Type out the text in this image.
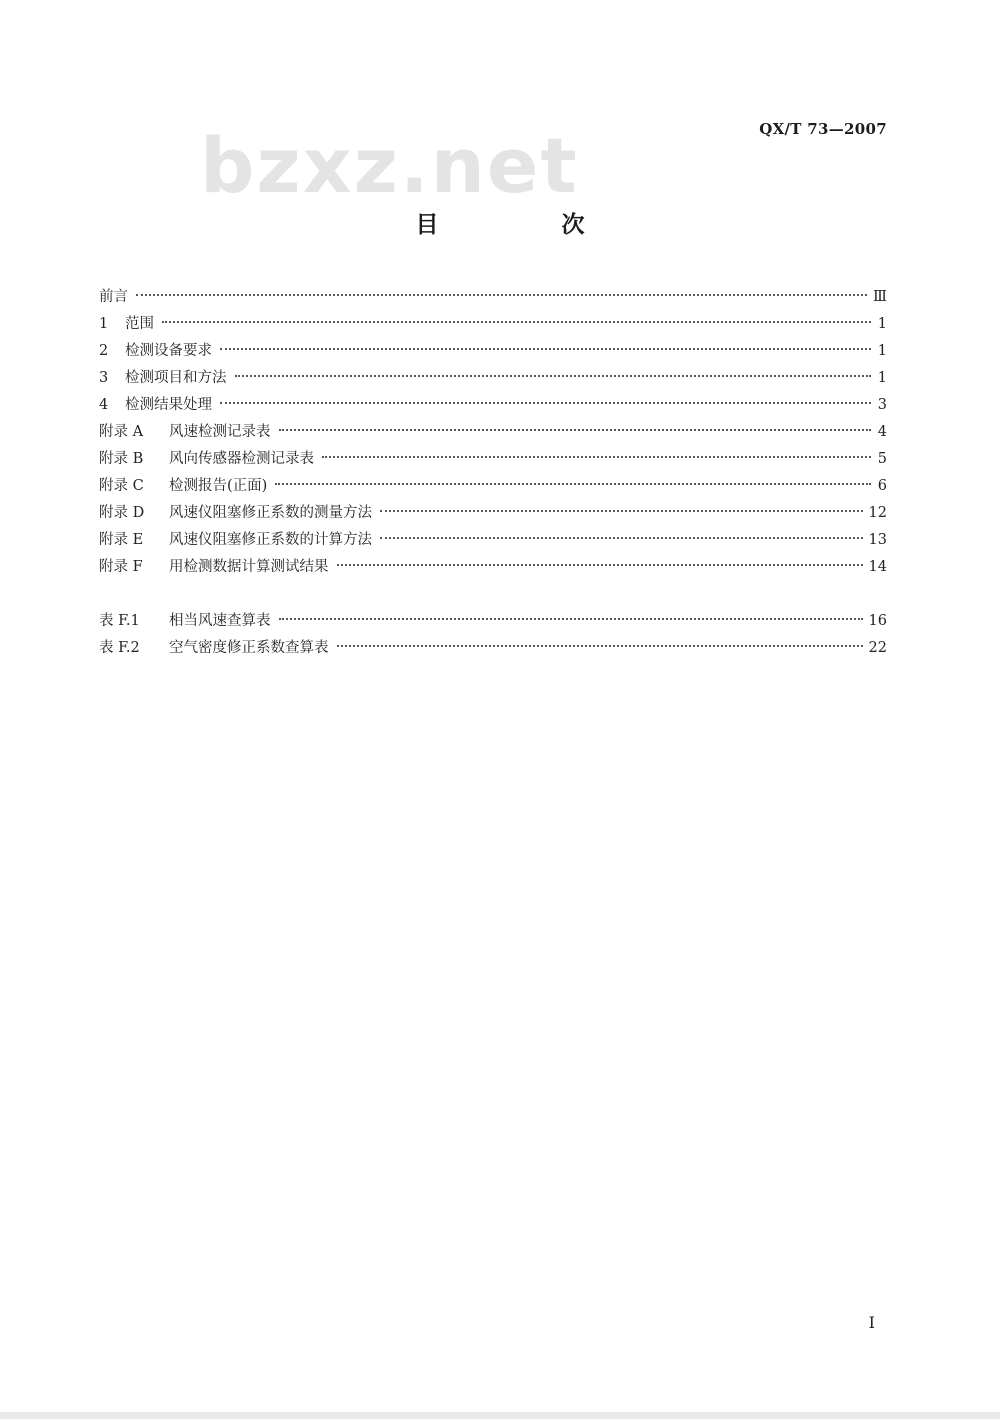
QX/T 73—2007
bzxz.net
目　次
前言	Ⅲ
1 范围	1
2 检测设备要求	1
3 检测项目和方法	1
4 检测结果处理	3
附录 A 风速检测记录表	4
附录 B 风向传感器检测记录表	5
附录 C 检测报告(正面)	6
附录 D 风速仪阻塞修正系数的测量方法	12
附录 E 风速仪阻塞修正系数的计算方法	13
附录 F 用检测数据计算测试结果	14
表 F.1 相当风速查算表	16
表 F.2 空气密度修正系数查算表	22
I
